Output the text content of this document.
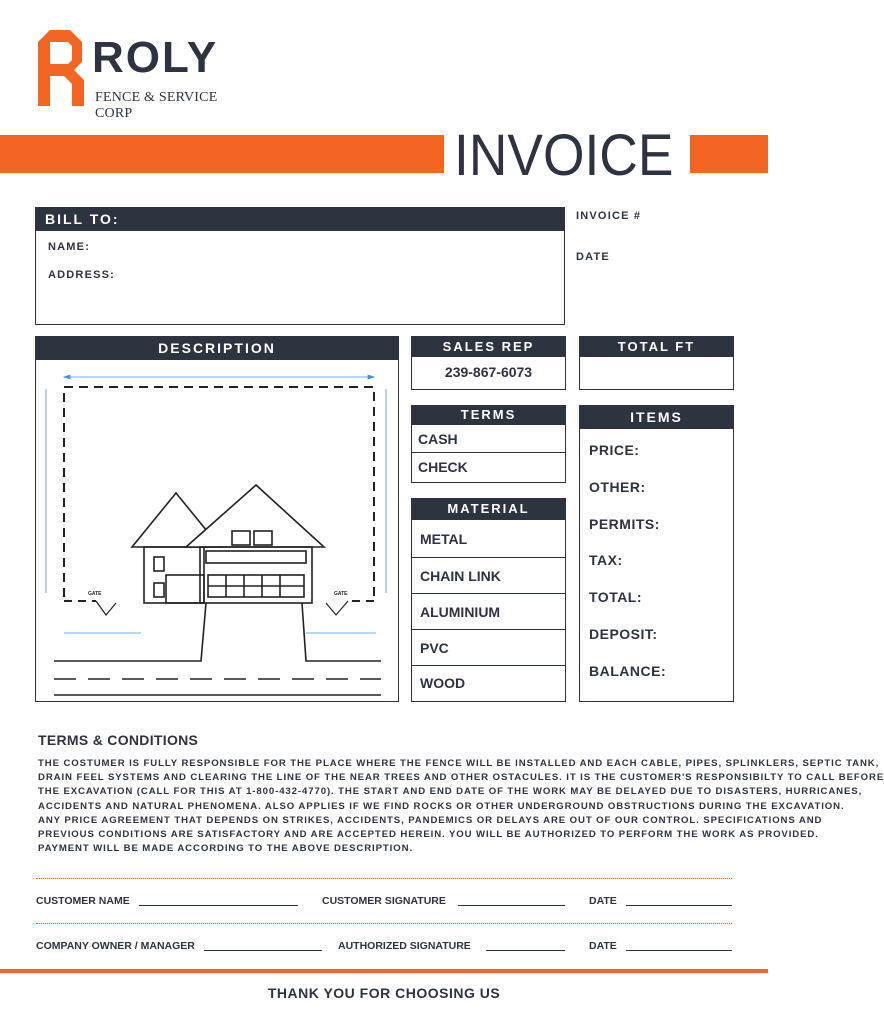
ROLY
FENCE & SERVICE CORP
INVOICE
BILL TO:
NAME:
ADDRESS:
INVOICE #
DATE
DESCRIPTION
GATE	GATE
SALES REP
239-867-6073
TOTAL FT
TERMS
CASH
CHECK
MATERIAL
METAL
CHAIN LINK
ALUMINIUM
PVC
WOOD
ITEMS
PRICE:
OTHER:
PERMITS:
TAX:
TOTAL:
DEPOSIT:
BALANCE:
TERMS & CONDITIONS
THE COSTUMER IS FULLY RESPONSIBLE FOR THE PLACE WHERE THE FENCE WILL BE INSTALLED AND EACH CABLE, PIPES, SPLINKLERS, SEPTIC TANK,
DRAIN FEEL SYSTEMS AND CLEARING THE LINE OF THE NEAR TREES AND OTHER OSTACULES. IT IS THE CUSTOMER'S RESPONSIBILTY TO CALL BEFORE
THE EXCAVATION (CALL FOR THIS AT 1-800-432-4770). THE START AND END DATE OF THE WORK MAY BE DELAYED DUE TO DISASTERS, HURRICANES,
ACCIDENTS AND NATURAL PHENOMENA. ALSO APPLIES IF WE FIND ROCKS OR OTHER UNDERGROUND OBSTRUCTIONS DURING THE EXCAVATION.
ANY PRICE AGREEMENT THAT DEPENDS ON STRIKES, ACCIDENTS, PANDEMICS OR DELAYS ARE OUT OF OUR CONTROL. SPECIFICATIONS AND
PREVIOUS CONDITIONS ARE SATISFACTORY AND ARE ACCEPTED HEREIN. YOU WILL BE AUTHORIZED TO PERFORM THE WORK AS PROVIDED.
PAYMENT WILL BE MADE ACCORDING TO THE ABOVE DESCRIPTION.
CUSTOMER NAME	CUSTOMER SIGNATURE	DATE
COMPANY OWNER / MANAGER	AUTHORIZED SIGNATURE	DATE
THANK YOU FOR CHOOSING US
